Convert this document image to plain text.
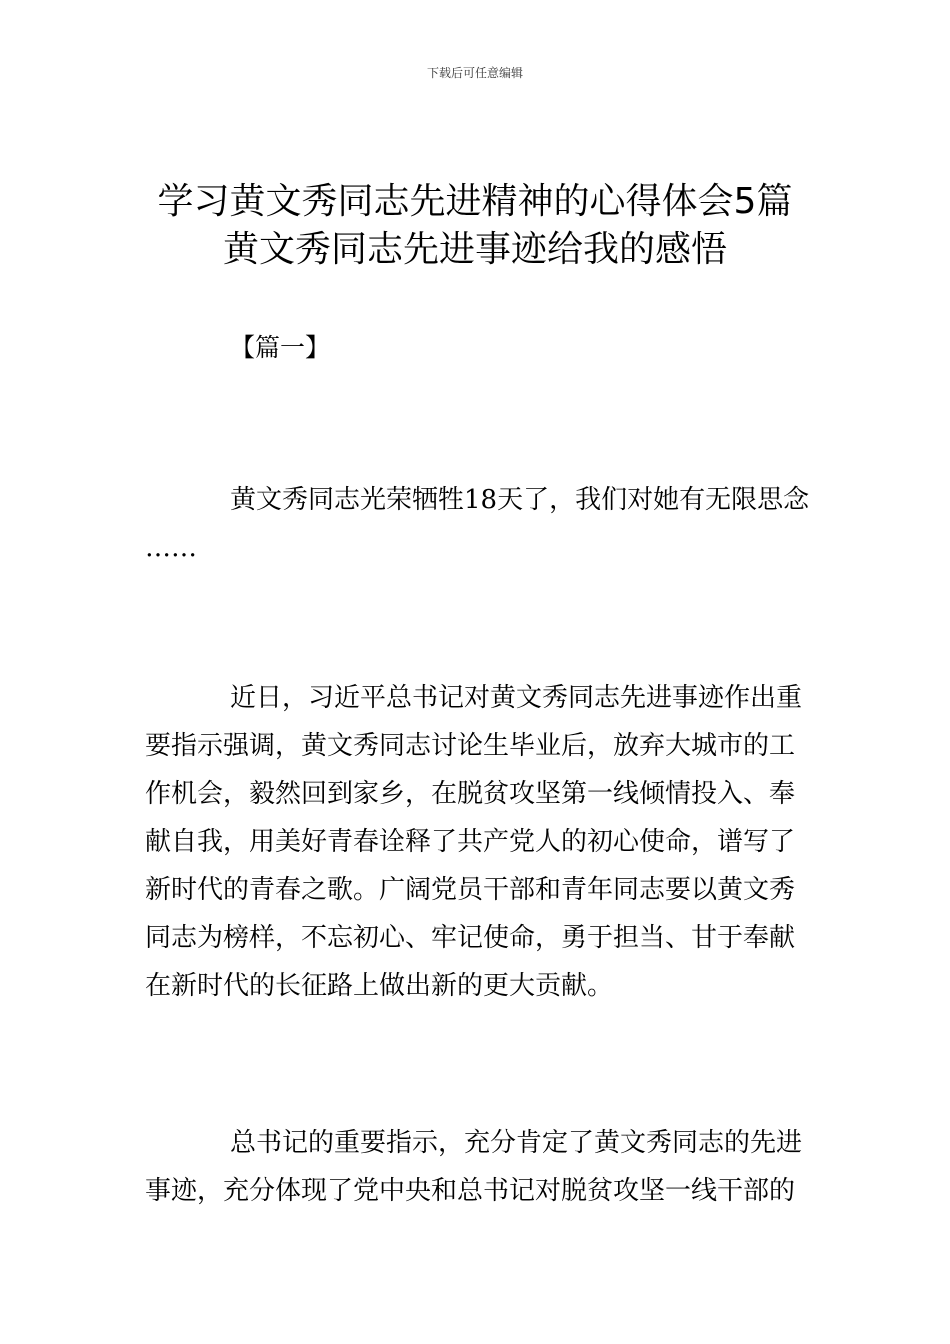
下载后可任意编辑
学习黄文秀同志先进精神的心得体会5篇
黄文秀同志先进事迹给我的感悟
【篇一】
黄文秀同志光荣牺牲18天了，我们对她有无限思念
……
近日，习近平总书记对黄文秀同志先进事迹作出重
要指示强调，黄文秀同志讨论生毕业后，放弃大城市的工
作机会，毅然回到家乡，在脱贫攻坚第一线倾情投入、奉
献自我，用美好青春诠释了共产党人的初心使命，谱写了
新时代的青春之歌。广阔党员干部和青年同志要以黄文秀
同志为榜样，不忘初心、牢记使命，勇于担当、甘于奉献
在新时代的长征路上做出新的更大贡献。
总书记的重要指示，充分肯定了黄文秀同志的先进
事迹，充分体现了党中央和总书记对脱贫攻坚一线干部的
